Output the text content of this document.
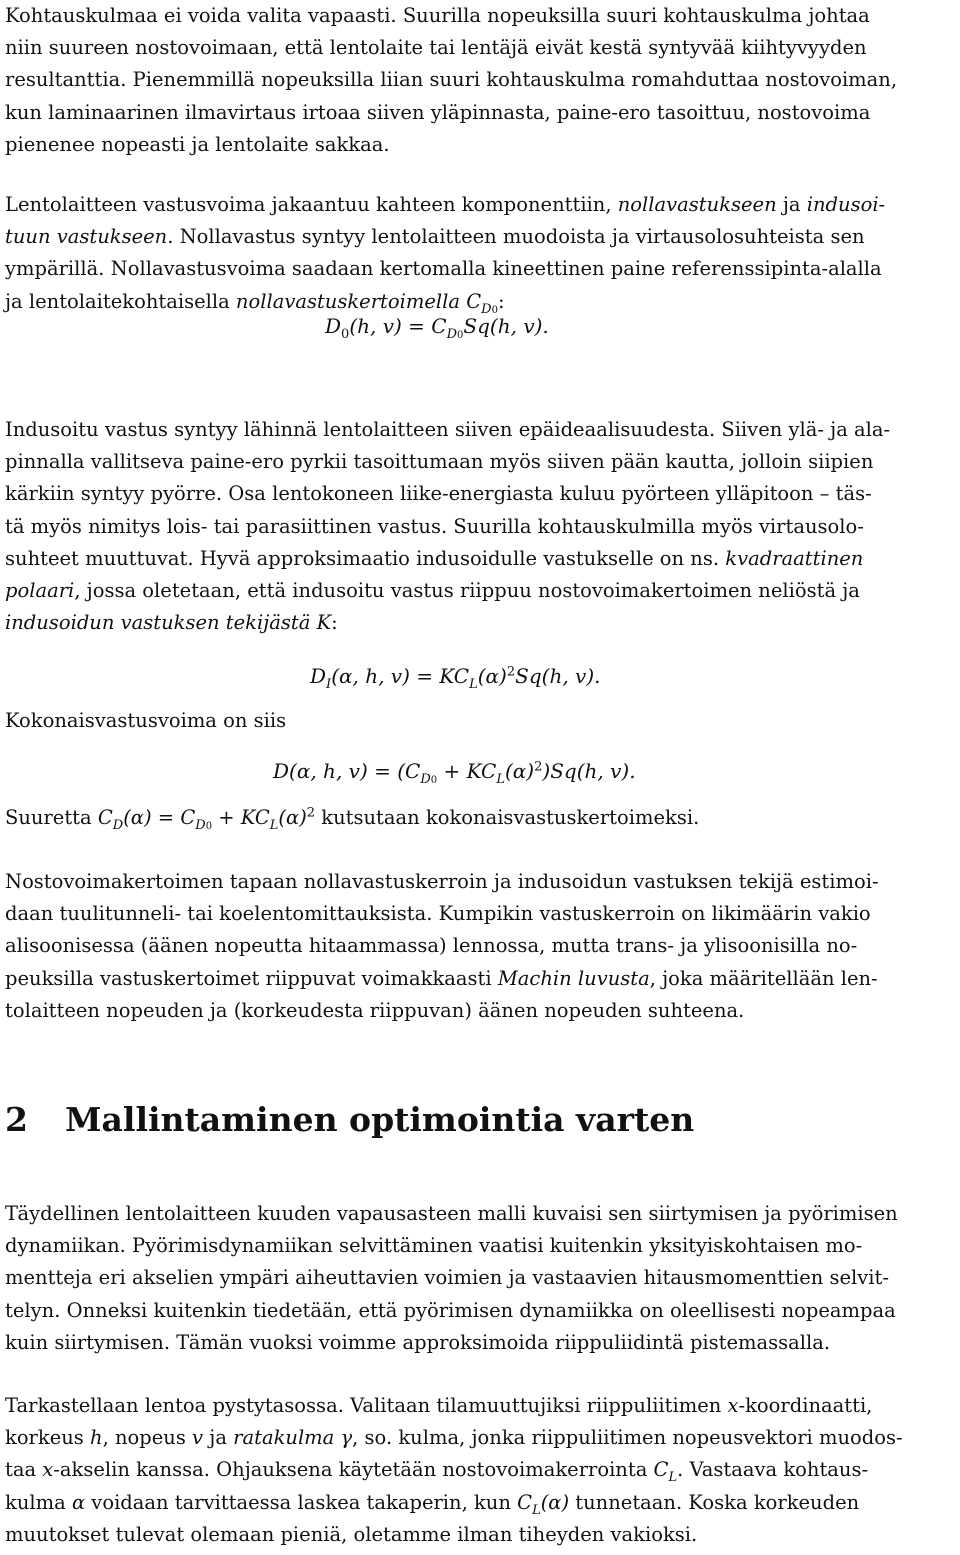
Kohtauskulmaa ei voida valita vapaasti. Suurilla nopeuksilla suuri kohtauskulma johtaa

niin suureen nostovoimaan, että lentolaite tai lentäjä eivät kestä syntyvää kiihtyvyyden

resultanttia. Pienemmillä nopeuksilla liian suuri kohtauskulma romahduttaa nostovoiman,

kun laminaarinen ilmavirtaus irtoaa siiven yläpinnasta, paine-ero tasoittuu, nostovoima

pienenee nopeasti ja lentolaite sakkaa.

Lentolaitteen vastusvoima jakaantuu kahteen komponenttiin, nollavastukseen ja indusoi-

tuun vastukseen. Nollavastus syntyy lentolaitteen muodoista ja virtausolosuhteista sen

ympärillä. Nollavastusvoima saadaan kertomalla kineettinen paine referenssipinta-alalla

ja lentolaitekohtaisella nollavastuskertoimella $C_{D0}$:

$D_0(h$, $v) = C_{D0}Sq(h$, v).

Indusoitu vastus syntyy lähinnä lentolaitteen siiven epäideaalisuudesta. Siiven ylä- ja ala-

pinnalla vallitseva paine-ero pyrkii tasoittumaan myös siiven pään kautta, jolloin siipien

kärkiin syntyy pyörre. Osa lentokoneen liike-energiasta kuluu pyörteen ylläpitoon – täs-

tä myös nimitys lois- tai parasiittinen vastus. Suurilla kohtauskulmilla myös virtausolo-

suhteet muuttuvat. Hyvä approksimaatio indusoidulle vastukselle on ns. kvadraattinen

polaari, jossa oletetaan, että indusoitu vastus riippuu nostovoimakertoimen neliöstä ja

indusoidun vastuksen tekijästä K:

$D_I(\alpha$, h, $v) = KC_L(\alpha)^2Sq(h$, v).

Kokonaisvastusvoima on siis

D(α, h, $v) = (C_{D0} + KC_L(\alpha)^2)Sq(h$, v).

Suuretta $C_D(\alpha) = C_{D0} + KC_L(\alpha)^2$ kutsutaan kokonaisvastuskertoimeksi.

Nostovoimakertoimen tapaan nollavastuskerroin ja indusoidun vastuksen tekijä estimoi-

daan tuulitunneli- tai koelentomittauksista. Kumpikin vastuskerroin on likimäärin vakio

alisoonisessa (äänen nopeutta hitaammassa) lennossa, mutta trans- ja ylisoonisilla no-

peuksilla vastuskertoimet riippuvat voimakkaasti Machin luvusta, joka määritellään len-

tolaitteen nopeuden ja (korkeudesta riippuvan) äänen nopeuden suhteena.

2 Mallintaminen optimointia varten

Täydellinen lentolaitteen kuuden vapausasteen malli kuvaisi sen siirtymisen ja pyörimisen

dynamiikan. Pyörimisdynamiikan selvittäminen vaatisi kuitenkin yksityiskohtaisen mo-

mentteja eri akselien ympäri aiheuttavien voimien ja vastaavien hitausmomenttien selvit-

telyn. Onneksi kuitenkin tiedetään, että pyörimisen dynamiikka on oleellisesti nopeampaa

kuin siirtymisen. Tämän vuoksi voimme approksimoida riippuliidintä pistemassalla.

Tarkastellaan lentoa pystytasossa. Valitaan tilamuuttujiksi riippuliitimen x-koordinaatti,

korkeus h, nopeus v ja ratakulma γ, so. kulma, jonka riippuliitimen nopeusvektori muodos-

taa x-akselin kanssa. Ohjauksena käytetään nostovoimakerrointa $C_L$. Vastaava kohtaus-

kulma α voidaan tarvittaessa laskea takaperin, kun $C_L(\alpha)$ tunnetaan. Koska korkeuden

muutokset tulevat olemaan pieniä, oletamme ilman tiheyden vakioksi.
